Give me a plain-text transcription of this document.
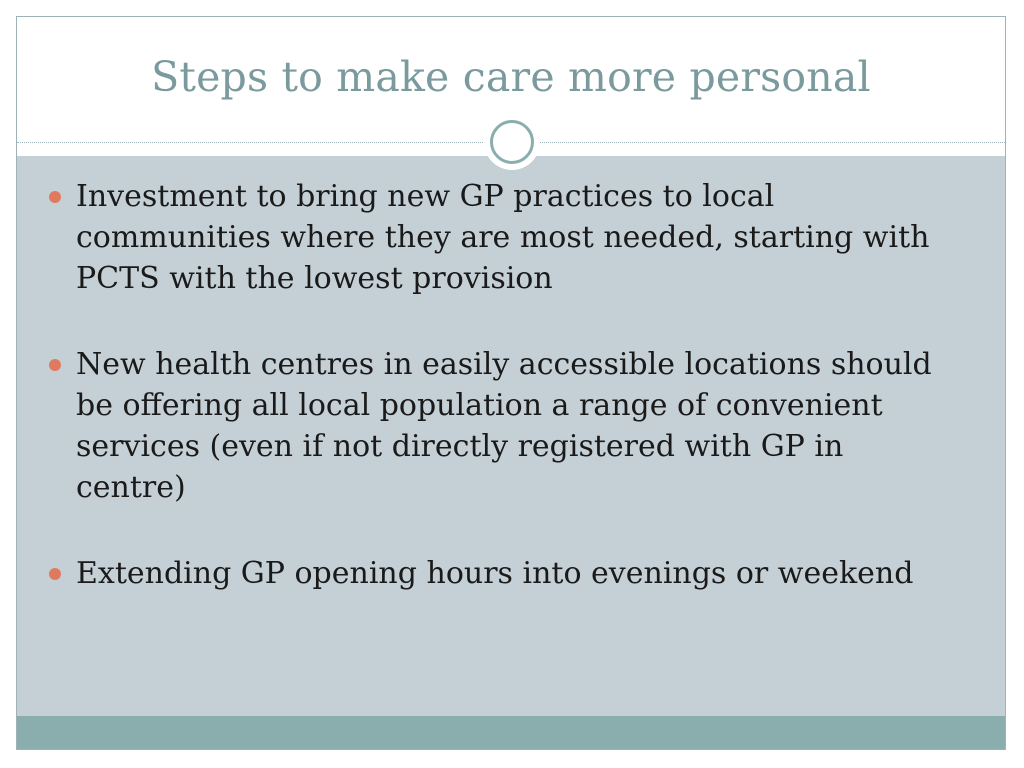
Steps to make care more personal
Investment to bring new GP practices to local communities where they are most needed, starting with PCTS with the lowest provision
New health centres in easily accessible locations should be offering all local population a range of convenient services (even if not directly registered with GP in centre)
Extending GP opening hours into evenings or weekend
